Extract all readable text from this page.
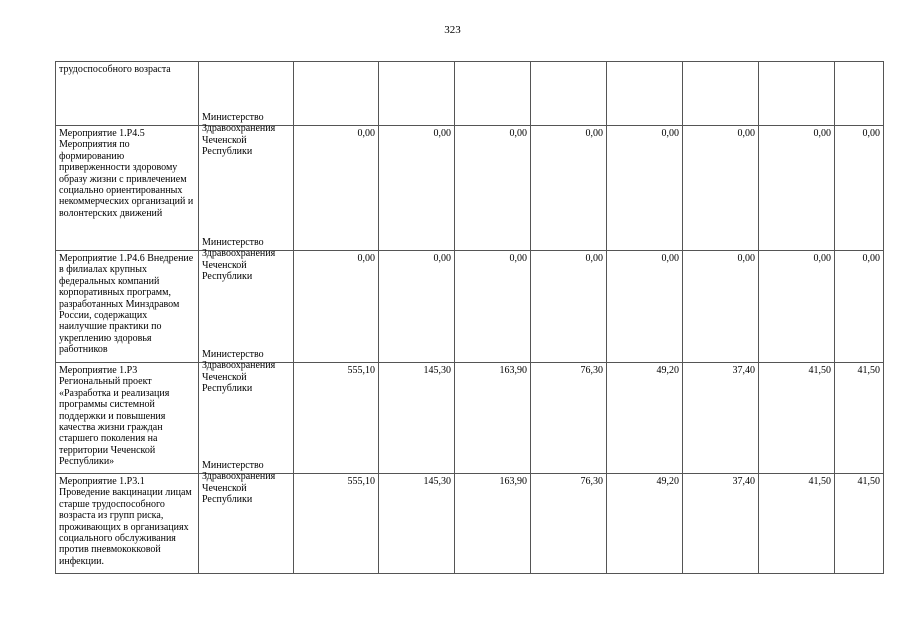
323
трудоспособного возраста									
Мероприятие 1.Р4.5 Мероприятия по формированию приверженности здоровому образу жизни с привлечением социально ориентированных некоммерческих организаций и волонтерских движений	Министерство Здравоохранения Чеченской Республики	0,00	0,00	0,00	0,00	0,00	0,00	0,00	0,00
Мероприятие 1.Р4.6 Внедрение в филиалах крупных федеральных компаний корпоративных программ, разработанных Минздравом России, содержащих наилучшие практики по укреплению здоровья работников	Министерство Здравоохранения Чеченской Республики	0,00	0,00	0,00	0,00	0,00	0,00	0,00	0,00
Мероприятие 1.Р3 Региональный проект «Разработка и реализация программы системной поддержки и повышения качества жизни граждан старшего поколения на территории Чеченской Республики»	Министерство Здравоохранения Чеченской Республики	555,10	145,30	163,90	76,30	49,20	37,40	41,50	41,50
Мероприятие 1.Р3.1 Проведение вакцинации лицам старше трудоспособного возраста из групп риска, проживающих в организациях социального обслуживания против пневмококковой инфекции.	Министерство Здравоохранения Чеченской Республики	555,10	145,30	163,90	76,30	49,20	37,40	41,50	41,50
